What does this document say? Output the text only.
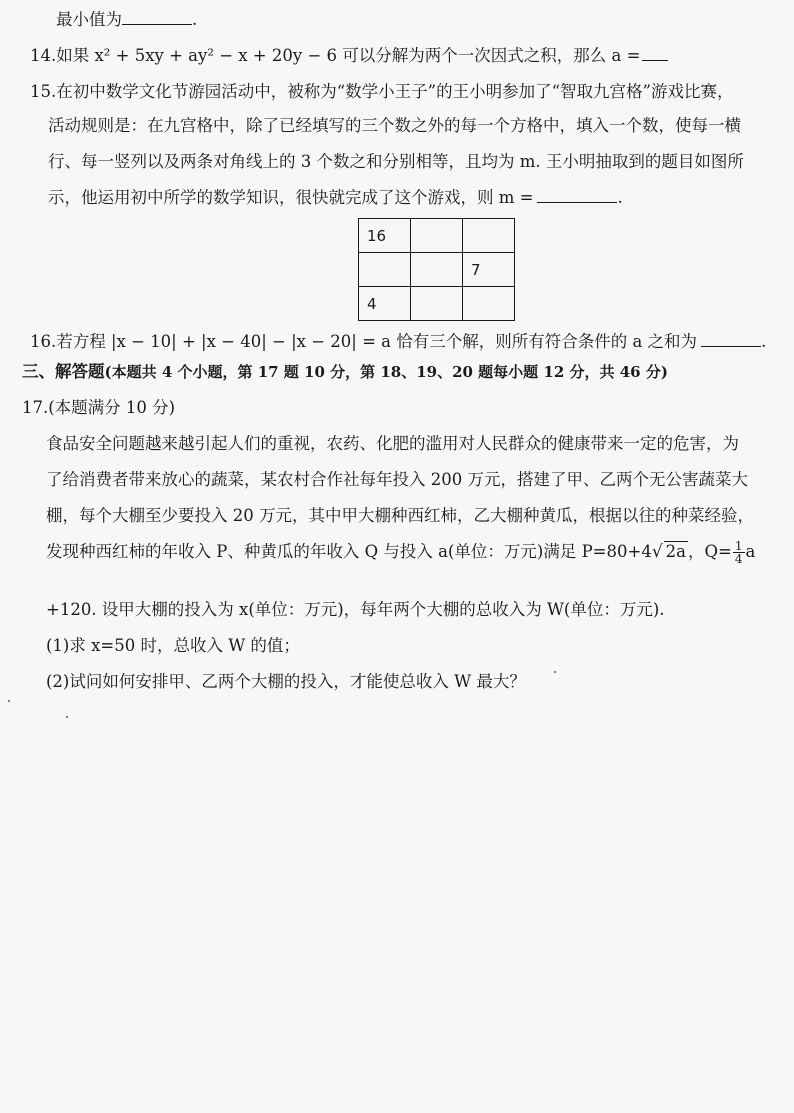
最小值为	.
14.如果 x² + 5xy + ay² − x + 20y − 6 可以分解为两个一次因式之积，那么 a =
15.在初中数学文化节游园活动中，被称为“数学小王子”的王小明参加了“智取九宫格”游戏比赛，
活动规则是：在九宫格中，除了已经填写的三个数之外的每一个方格中，填入一个数，使每一横
行、每一竖列以及两条对角线上的 3 个数之和分别相等，且均为 m. 王小明抽取到的题目如图所
示，他运用初中所学的数学知识，很快就完成了这个游戏，则 m =	.
16		
		7
4		
16.若方程 |x − 10| + |x − 40| − |x − 20| = a 恰有三个解，则所有符合条件的 a 之和为	.
三、解答题(本题共 4 个小题，第 17 题 10 分，第 18、19、20 题每小题 12 分，共 46 分)
17.(本题满分 10 分)
食品安全问题越来越引起人们的重视，农药、化肥的滥用对人民群众的健康带来一定的危害，为
了给消费者带来放心的蔬菜，某农村合作社每年投入 200 万元，搭建了甲、乙两个无公害蔬菜大
棚，每个大棚至少要投入 20 万元，其中甲大棚种西红柿，乙大棚种黄瓜，根据以往的种菜经验，
发现种西红柿的年收入 P、种黄瓜的年收入 Q 与投入 a(单位：万元)满足 P=80+4√ 2a ，$Q= \frac{1}{4}$ a
+120. 设甲大棚的投入为 x(单位：万元)，每年两个大棚的总收入为 W(单位：万元).
(1)求 x=50 时，总收入 W 的值；
(2)试问如何安排甲、乙两个大棚的投入，才能使总收入 W 最大？
